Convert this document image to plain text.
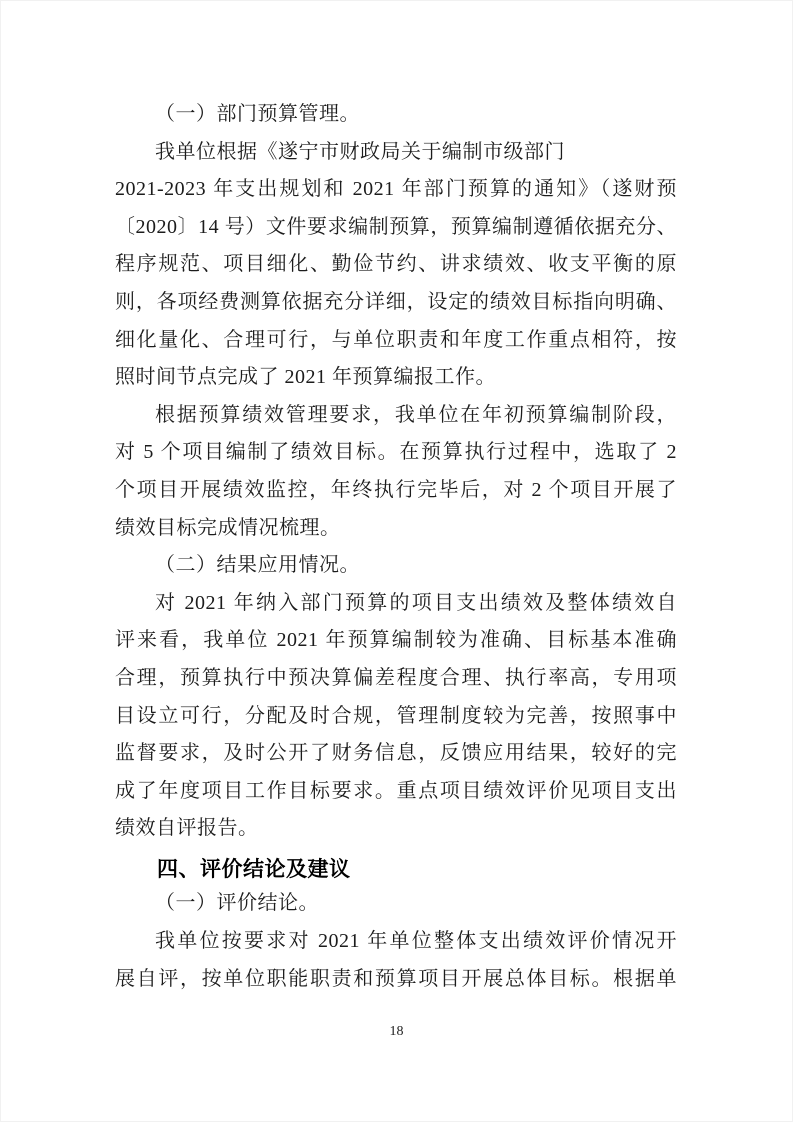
（一）部门预算管理。
我单位根据《遂宁市财政局关于编制市级部门
2021-2023 年支出规划和 2021 年部门预算的通知》（遂财预
〔2020〕14 号）文件要求编制预算，预算编制遵循依据充分、
程序规范、项目细化、勤俭节约、讲求绩效、收支平衡的原
则，各项经费测算依据充分详细，设定的绩效目标指向明确、
细化量化、合理可行，与单位职责和年度工作重点相符，按
照时间节点完成了 2021 年预算编报工作。
根据预算绩效管理要求，我单位在年初预算编制阶段，
对 5 个项目编制了绩效目标。在预算执行过程中，选取了 2
个项目开展绩效监控，年终执行完毕后，对 2 个项目开展了
绩效目标完成情况梳理。
（二）结果应用情况。
对 2021 年纳入部门预算的项目支出绩效及整体绩效自
评来看，我单位 2021 年预算编制较为准确、目标基本准确
合理，预算执行中预决算偏差程度合理、执行率高，专用项
目设立可行，分配及时合规，管理制度较为完善，按照事中
监督要求，及时公开了财务信息，反馈应用结果，较好的完
成了年度项目工作目标要求。重点项目绩效评价见项目支出
绩效自评报告。
四、评价结论及建议
（一）评价结论。
我单位按要求对 2021 年单位整体支出绩效评价情况开
展自评，按单位职能职责和预算项目开展总体目标。根据单
18
